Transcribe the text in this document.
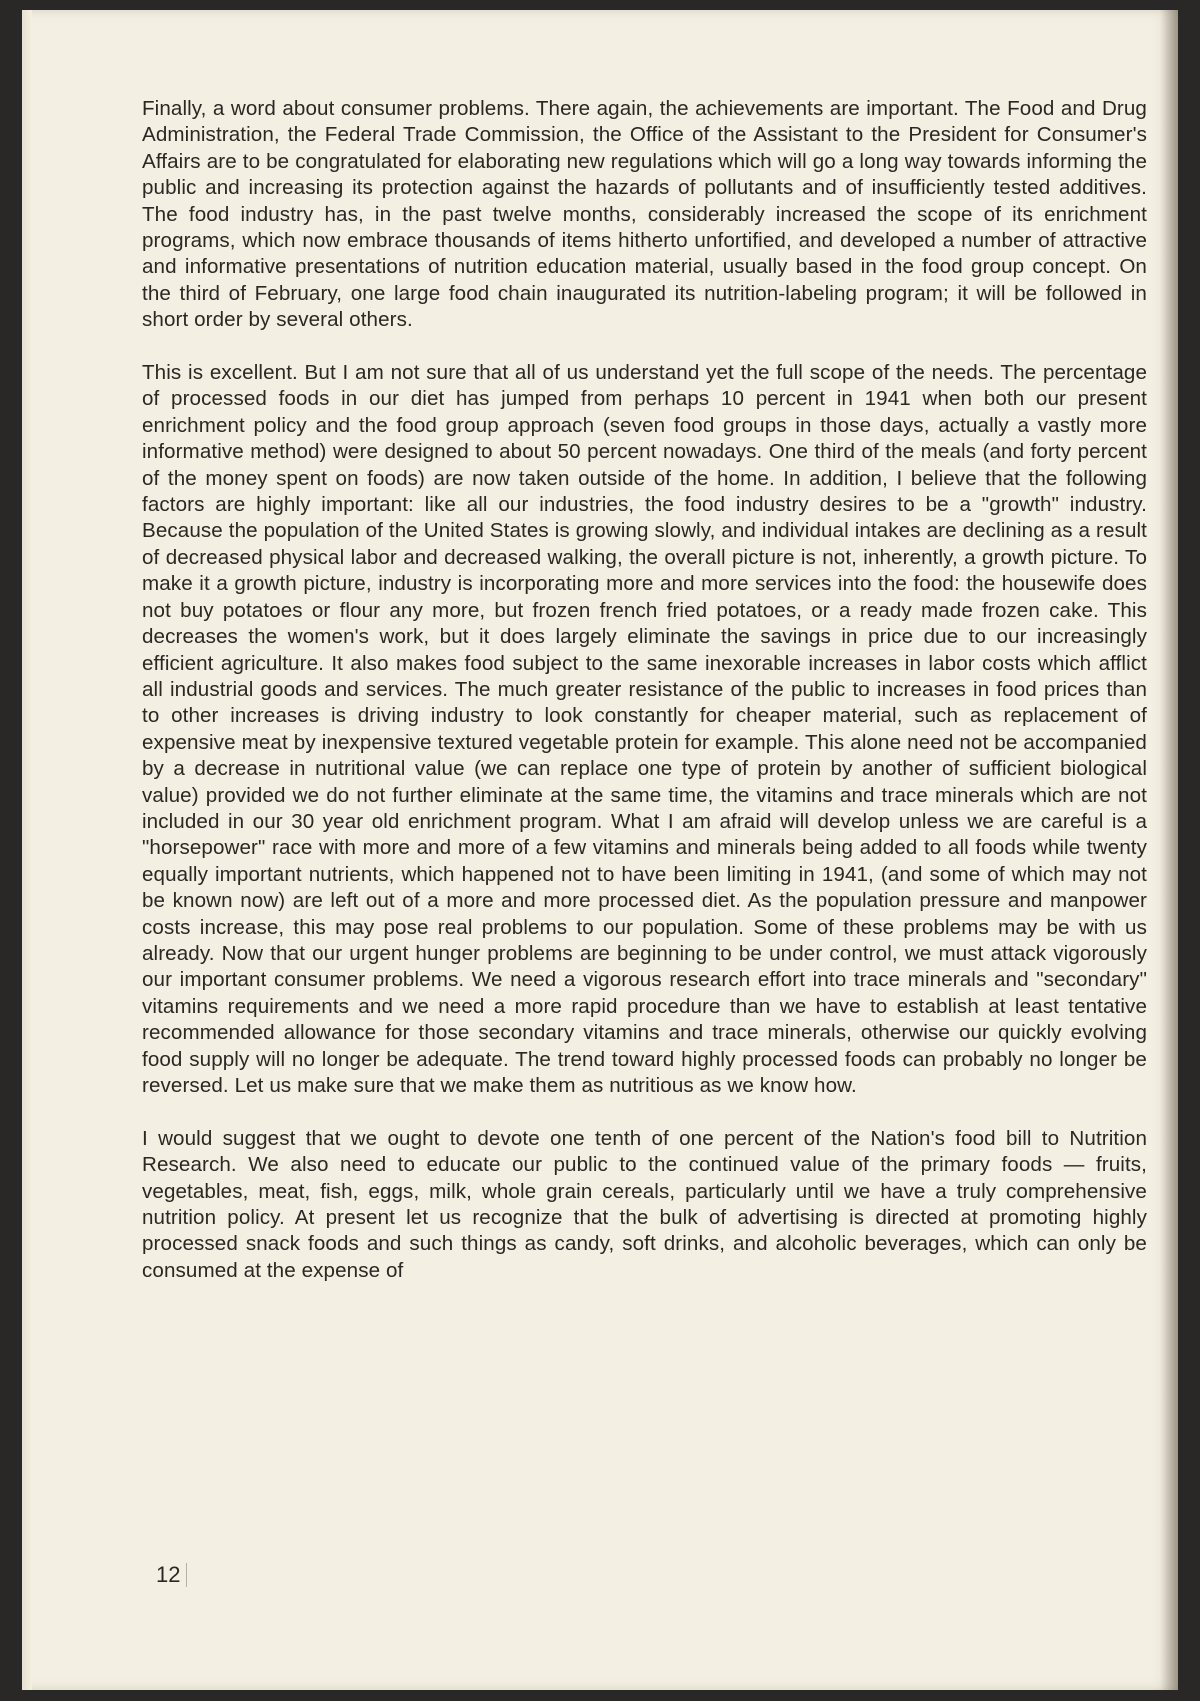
Finally, a word about consumer problems. There again, the achievements are important. The Food and Drug Administration, the Federal Trade Commission, the Office of the Assistant to the President for Consumer's Affairs are to be congratulated for elaborating new regulations which will go a long way towards informing the public and increasing its protection against the hazards of pollutants and of insufficiently tested additives. The food industry has, in the past twelve months, considerably increased the scope of its enrichment programs, which now embrace thousands of items hitherto unfortified, and developed a number of attractive and informative presentations of nutrition education material, usually based in the food group concept. On the third of February, one large food chain inaugurated its nutrition-labeling program; it will be followed in short order by several others.

This is excellent. But I am not sure that all of us understand yet the full scope of the needs. The percentage of processed foods in our diet has jumped from perhaps 10 percent in 1941 when both our present enrichment policy and the food group approach (seven food groups in those days, actually a vastly more informative method) were designed to about 50 percent nowadays. One third of the meals (and forty percent of the money spent on foods) are now taken outside of the home. In addition, I believe that the following factors are highly important: like all our industries, the food industry desires to be a "growth" industry. Because the population of the United States is growing slowly, and individual intakes are declining as a result of decreased physical labor and decreased walking, the overall picture is not, inherently, a growth picture. To make it a growth picture, industry is incorporating more and more services into the food: the housewife does not buy potatoes or flour any more, but frozen french fried potatoes, or a ready made frozen cake. This decreases the women's work, but it does largely eliminate the savings in price due to our increasingly efficient agriculture. It also makes food subject to the same inexorable increases in labor costs which afflict all industrial goods and services. The much greater resistance of the public to increases in food prices than to other increases is driving industry to look constantly for cheaper material, such as replacement of expensive meat by inexpensive textured vegetable protein for example. This alone need not be accompanied by a decrease in nutritional value (we can replace one type of protein by another of sufficient biological value) provided we do not further eliminate at the same time, the vitamins and trace minerals which are not included in our 30 year old enrichment program. What I am afraid will develop unless we are careful is a "horsepower" race with more and more of a few vitamins and minerals being added to all foods while twenty equally important nutrients, which happened not to have been limiting in 1941, (and some of which may not be known now) are left out of a more and more processed diet. As the population pressure and manpower costs increase, this may pose real problems to our population. Some of these problems may be with us already. Now that our urgent hunger problems are beginning to be under control, we must attack vigorously our important consumer problems. We need a vigorous research effort into trace minerals and "secondary" vitamins requirements and we need a more rapid procedure than we have to establish at least tentative recommended allowance for those secondary vitamins and trace minerals, otherwise our quickly evolving food supply will no longer be adequate. The trend toward highly processed foods can probably no longer be reversed. Let us make sure that we make them as nutritious as we know how.

I would suggest that we ought to devote one tenth of one percent of the Nation's food bill to Nutrition Research. We also need to educate our public to the continued value of the primary foods — fruits, vegetables, meat, fish, eggs, milk, whole grain cereals, particularly until we have a truly comprehensive nutrition policy. At present let us recognize that the bulk of advertising is directed at promoting highly processed snack foods and such things as candy, soft drinks, and alcoholic beverages, which can only be consumed at the expense of

12
